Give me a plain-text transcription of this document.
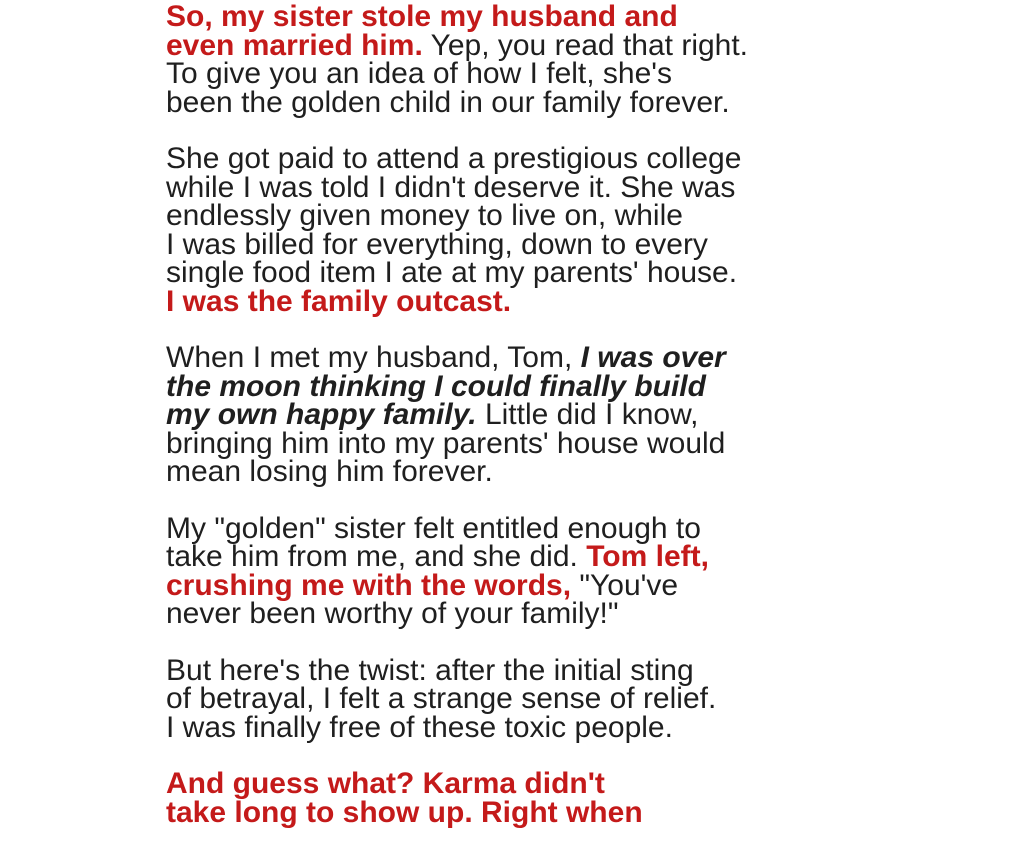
So, my sister stole my husband and
even married him. Yep, you read that right.
To give you an idea of how I felt, she's
been the golden child in our family forever.
She got paid to attend a prestigious college
while I was told I didn't deserve it. She was
endlessly given money to live on, while
I was billed for everything, down to every
single food item I ate at my parents' house.
I was the family outcast.
When I met my husband, Tom, I was over
the moon thinking I could finally build
my own happy family. Little did I know,
bringing him into my parents' house would
mean losing him forever.
My "golden" sister felt entitled enough to
take him from me, and she did. Tom left,
crushing me with the words, "You've
never been worthy of your family!"
But here's the twist: after the initial sting
of betrayal, I felt a strange sense of relief.
I was finally free of these toxic people.
And guess what? Karma didn't
take long to show up. Right when
